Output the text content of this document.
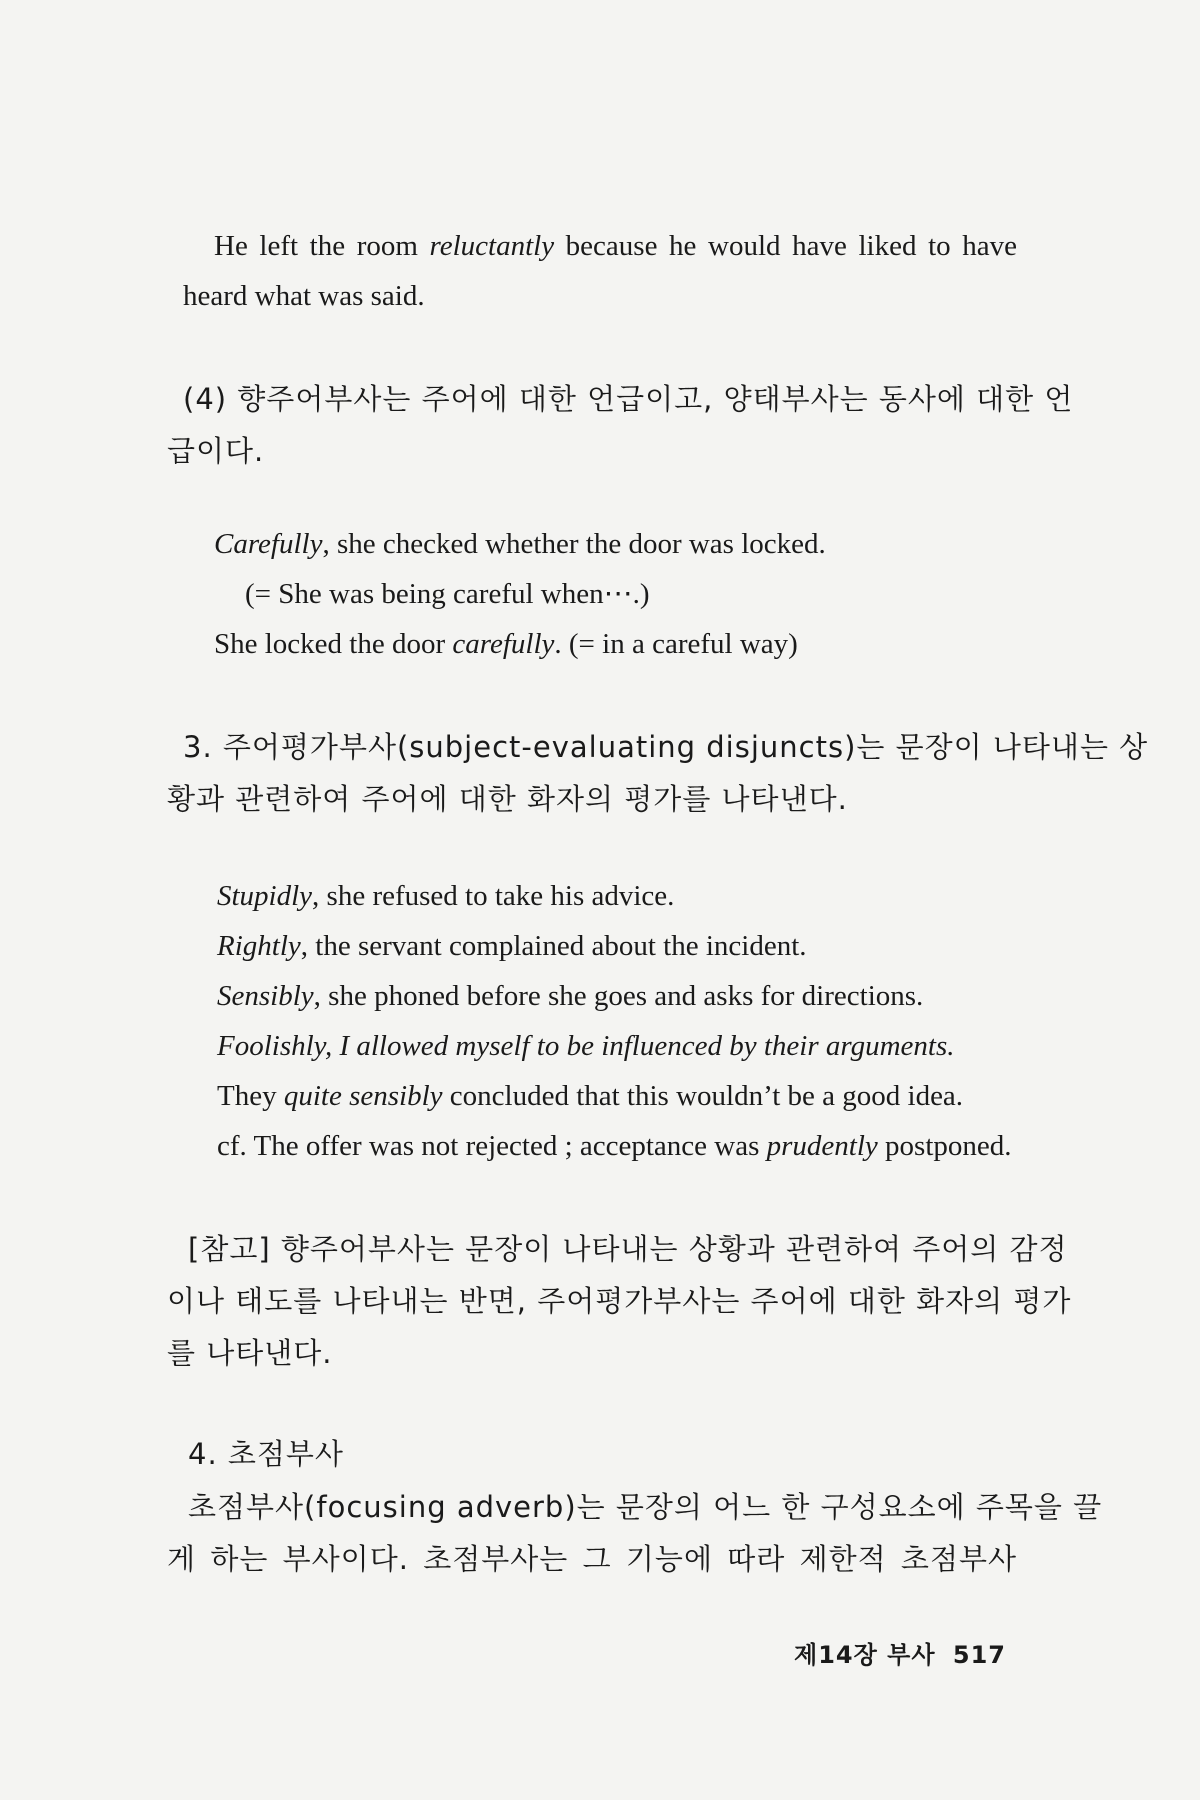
He left the room reluctantly because he would have liked to have
heard what was said.
(4) 향주어부사는 주어에 대한 언급이고, 양태부사는 동사에 대한 언
급이다.
Carefully, she checked whether the door was locked.
(= She was being careful when⋯.)
She locked the door carefully. (= in a careful way)
3. 주어평가부사(subject-evaluating disjuncts)는 문장이 나타내는 상
황과 관련하여 주어에 대한 화자의 평가를 나타낸다.
Stupidly, she refused to take his advice.
Rightly, the servant complained about the incident.
Sensibly, she phoned before she goes and asks for directions.
Foolishly, I allowed myself to be influenced by their arguments.
They quite sensibly concluded that this wouldn’t be a good idea.
cf. The offer was not rejected ; acceptance was prudently postponed.
[참고] 향주어부사는 문장이 나타내는 상황과 관련하여 주어의 감정
이나 태도를 나타내는 반면, 주어평가부사는 주어에 대한 화자의 평가
를 나타낸다.
4. 초점부사
초점부사(focusing adverb)는 문장의 어느 한 구성요소에 주목을 끌
게 하는 부사이다. 초점부사는 그 기능에 따라 제한적 초점부사
제14장 부사 517
